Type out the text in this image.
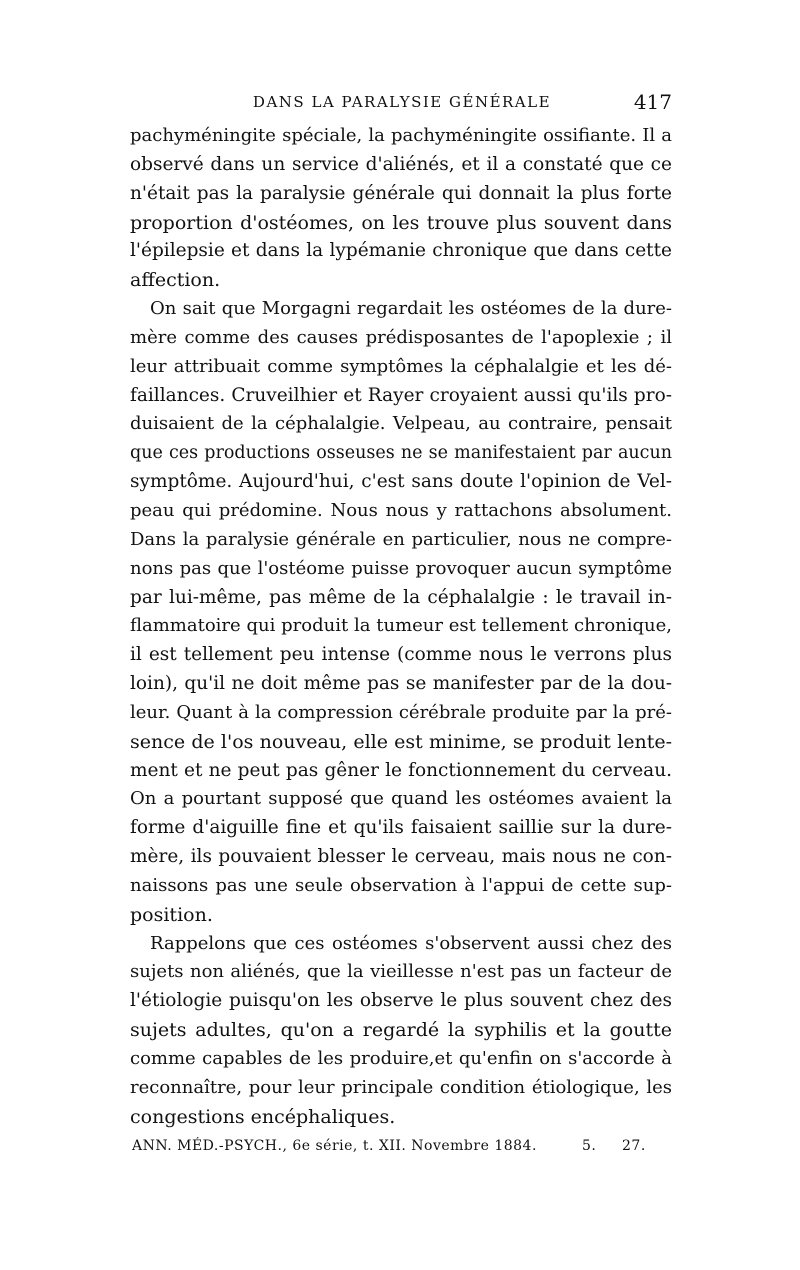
DANS LA PARALYSIE GÉNÉRALE	417
pachyméningite spéciale, la pachyméningite ossifiante. Il a
observé dans un service d'aliénés, et il a constaté que ce
n'était pas la paralysie générale qui donnait la plus forte
proportion d'ostéomes, on les trouve plus souvent dans
l'épilepsie et dans la lypémanie chronique que dans cette
affection.
On sait que Morgagni regardait les ostéomes de la dure-
mère comme des causes prédisposantes de l'apoplexie ; il
leur attribuait comme symptômes la céphalalgie et les dé-
faillances. Cruveilhier et Rayer croyaient aussi qu'ils pro-
duisaient de la céphalalgie. Velpeau, au contraire, pensait
que ces productions osseuses ne se manifestaient par aucun
symptôme. Aujourd'hui, c'est sans doute l'opinion de Vel-
peau qui prédomine. Nous nous y rattachons absolument.
Dans la paralysie générale en particulier, nous ne compre-
nons pas que l'ostéome puisse provoquer aucun symptôme
par lui-même, pas même de la céphalalgie : le travail in-
flammatoire qui produit la tumeur est tellement chronique,
il est tellement peu intense (comme nous le verrons plus
loin), qu'il ne doit même pas se manifester par de la dou-
leur. Quant à la compression cérébrale produite par la pré-
sence de l'os nouveau, elle est minime, se produit lente-
ment et ne peut pas gêner le fonctionnement du cerveau.
On a pourtant supposé que quand les ostéomes avaient la
forme d'aiguille fine et qu'ils faisaient saillie sur la dure-
mère, ils pouvaient blesser le cerveau, mais nous ne con-
naissons pas une seule observation à l'appui de cette sup-
position.
Rappelons que ces ostéomes s'observent aussi chez des
sujets non aliénés, que la vieillesse n'est pas un facteur de
l'étiologie puisqu'on les observe le plus souvent chez des
sujets adultes, qu'on a regardé la syphilis et la goutte
comme capables de les produire,et qu'enfin on s'accorde à
reconnaître, pour leur principale condition étiologique, les
congestions encéphaliques.
ANN. MÉD.-PSYCH., 6e série, t. XII. Novembre 1884.	5. 27.
